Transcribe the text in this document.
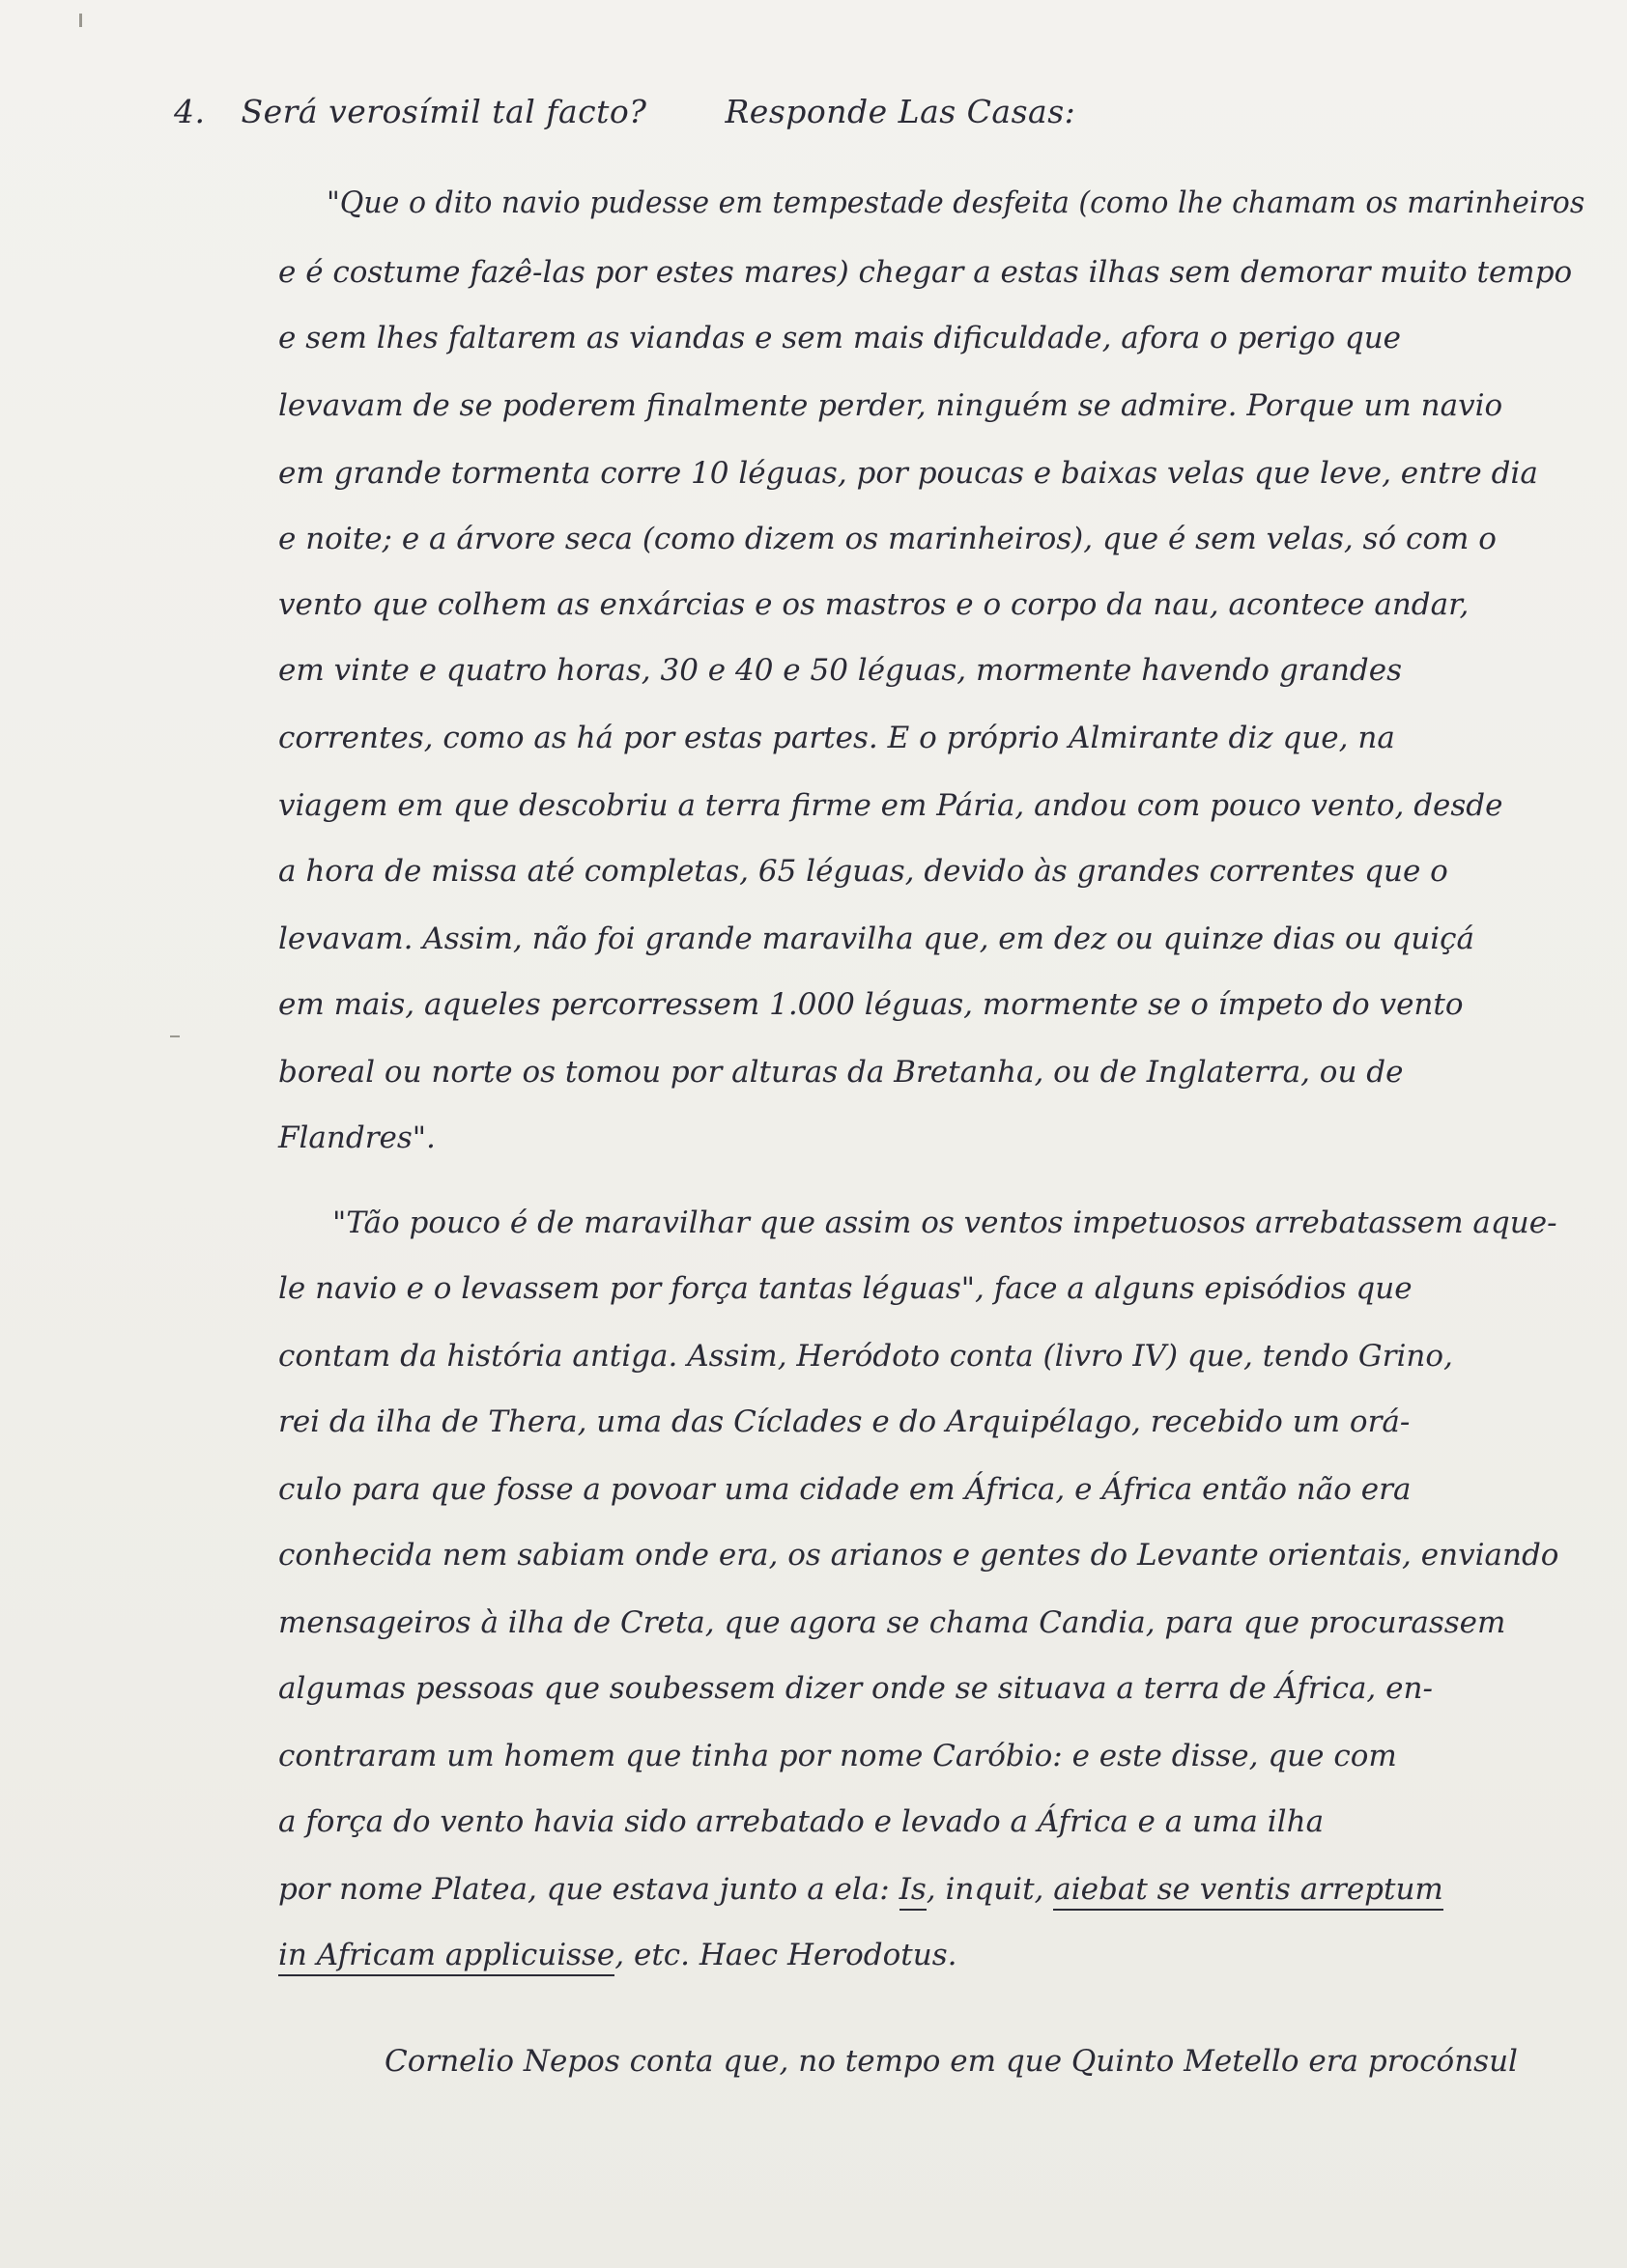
4. Será verosímil tal facto? Responde Las Casas:
"Que o dito navio pudesse em tempestade desfeita (como lhe chamam os marinheiros
e é costume fazê-las por estes mares) chegar a estas ilhas sem demorar muito tempo
e sem lhes faltarem as viandas e sem mais dificuldade, afora o perigo que
levavam de se poderem finalmente perder, ninguém se admire. Porque um navio
em grande tormenta corre 10 léguas, por poucas e baixas velas que leve, entre dia
e noite; e a árvore seca (como dizem os marinheiros), que é sem velas, só com o
vento que colhem as enxárcias e os mastros e o corpo da nau, acontece andar,
em vinte e quatro horas, 30 e 40 e 50 léguas, mormente havendo grandes
correntes, como as há por estas partes. E o próprio Almirante diz que, na
viagem em que descobriu a terra firme em Pária, andou com pouco vento, desde
a hora de missa até completas, 65 léguas, devido às grandes correntes que o
levavam. Assim, não foi grande maravilha que, em dez ou quinze dias ou quiçá
em mais, aqueles percorressem 1.000 léguas, mormente se o ímpeto do vento
boreal ou norte os tomou por alturas da Bretanha, ou de Inglaterra, ou de
Flandres".
"Tão pouco é de maravilhar que assim os ventos impetuosos arrebatassem aque-
le navio e o levassem por força tantas léguas", face a alguns episódios que
contam da história antiga. Assim, Heródoto conta (livro IV) que, tendo Grino,
rei da ilha de Thera, uma das Cíclades e do Arquipélago, recebido um orá-
culo para que fosse a povoar uma cidade em África, e África então não era
conhecida nem sabiam onde era, os arianos e gentes do Levante orientais, enviando
mensageiros à ilha de Creta, que agora se chama Candia, para que procurassem
algumas pessoas que soubessem dizer onde se situava a terra de África, en-
contraram um homem que tinha por nome Caróbio: e este disse, que com
a força do vento havia sido arrebatado e levado a África e a uma ilha
por nome Platea, que estava junto a ela: Is, inquit, aiebat se ventis arreptum
in Africam applicuisse, etc. Haec Herodotus.
Cornelio Nepos conta que, no tempo em que Quinto Metello era procónsul
